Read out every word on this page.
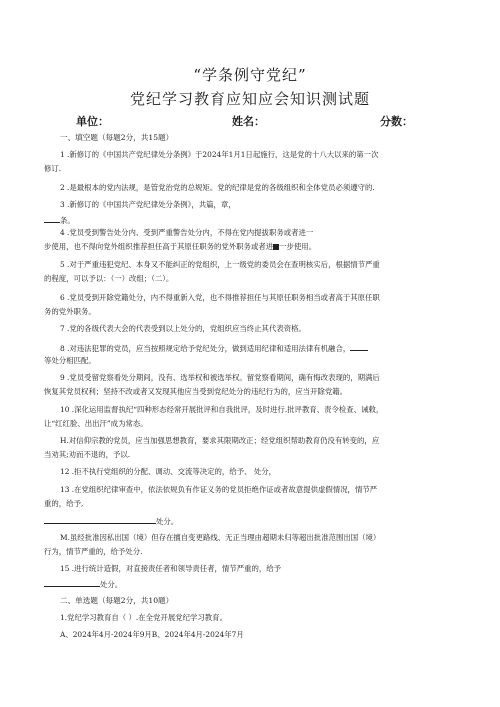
“学条例守党纪”
党纪学习教育应知应会知识测试题
单位：	姓名：	分数：
一、填空题（每题2分，共15题）
1 .新修订的《中国共产党纪律处分条例》于2024年1月1日起施行，这是党的十八大以来的第一次
修订.
2 .是最根本的党内法规，是管党治党的总规矩。党的纪律是党的各级组织和全体党员必须遵守的.
3 .新修订的《中国共产党纪律处分条例》，共篇，章，
条。
4 .党员受到警告处分内、受到严重警告处分内，不得在党内提拔职务或者进一
步使用，也不得向党外组织推荐担任高于其原任职务的党外职务或者进 一步使用。
5 .对于严重违犯党纪、本身又不能纠正的党组织，上一级党的委员会在查明核实后，根据情节严重
的程度，可以予以：（一）改组；（二）。
6 .党员受到开除党籍处分，内不得重新入党，也不得推荐担任与其原任职务相当或者高于其原任职
务的党外职务。
7 .党的各级代表大会的代表受到以上处分的，党组织应当终止其代表资格。
8 .对违法犯罪的党员，应当按照规定给予党纪处分，做到适用纪律和适用法律有机融合，
等处分相匹配。
9 .党员受留党察看处分期间，没有、选举权和被选举权。留党察看期间，确有悔改表现的，期满后
恢复其党员权利；坚持不改或者又发现其他应当受到党纪处分的违纪行为的，应当开除党籍。
10 .深化运用监督执纪“四种形态经常开展批评和自我批评，及时进行.批评教育、责令检查、诫敕，
让“红红脸、出出汗”成为常态。
H.对信仰宗教的党员，应当加强思想教育，要求其限期改正；经党组织帮助教育仍没有转变的，应
当劝其;劝而不退的，予以.
12 .拒不执行党组织的分配、调动、交流等决定的，给予、 处分，
13 .在党组织纪律审查中，依法依规负有作证义务的党员拒绝作证或者故意提供虚假情况，情节严
重的，给予,
处分。
M.虽经批准因私出国（境）但存在擅自变更路线、无正当理由超期未归等超出批准范围出国（境）
行为，情节严重的，给予处分.
15 .进行统计造假，对直接责任者和领导责任者，情节严重的，给予
处分。
二、单选题（每题2分，共10题）
1.党纪学习教育自（ ）.在全党开展党纪学习教育。
A、2024年4月-2024年9月B、2024年4月-2024年7月
